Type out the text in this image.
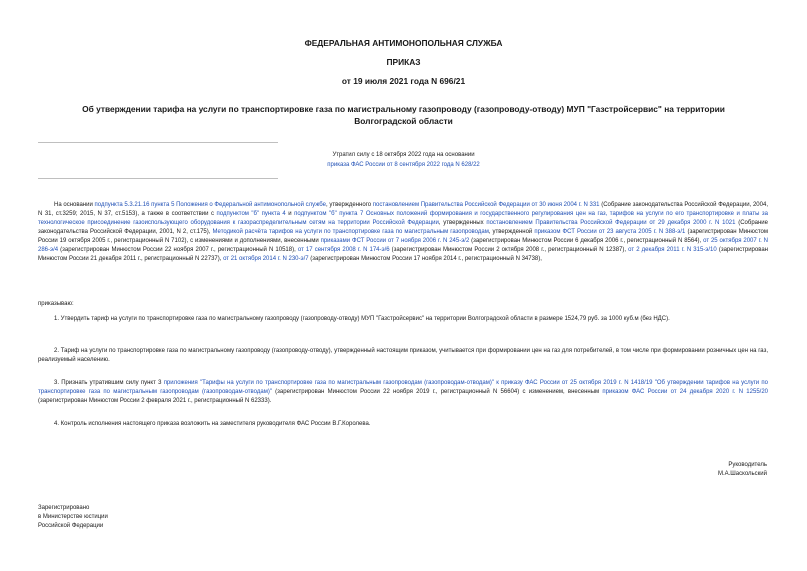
ФЕДЕРАЛЬНАЯ АНТИМОНОПОЛЬНАЯ СЛУЖБА
ПРИКАЗ
от 19 июля 2021 года N 696/21
Об утверждении тарифа на услуги по транспортировке газа по магистральному газопроводу (газопроводу-отводу) МУП "Газстройсервис" на территории Волгоградской области
Утратил силу с 18 октября 2022 года на основании
приказа ФАС России от 8 сентября 2022 года N 628/22

На основании подпункта 5.3.21.16 пункта 5 Положения о Федеральной антимонопольной службе, утвержденного постановлением Правительства Российской Федерации от 30 июня 2004 г. N 331 (Собрание законодательства Российской Федерации, 2004, N 31, ст.3259; 2015, N 37, ст.5153), а также в соответствии с подпунктом "б" пункта 4 и подпунктом "б" пункта 7 Основных положений формирования и государственного регулирования цен на газ, тарифов на услуги по его транспортировке и платы за технологическое присоединение газоиспользующего оборудования к газораспределительным сетям на территории Российской Федерации, утвержденных постановлением Правительства Российской Федерации от 29 декабря 2000 г. N 1021 (Собрание законодательства Российской Федерации, 2001, N 2, ст.175), Методикой расчёта тарифов на услуги по транспортировке газа по магистральным газопроводам, утвержденной приказом ФСТ России от 23 августа 2005 г. N 388-э/1 (зарегистрирован Минюстом России 19 октября 2005 г., регистрационный N 7102), с изменениями и дополнениями, внесенными приказами ФСТ России от 7 ноября 2006 г. N 245-э/2 (зарегистрирован Минюстом России 6 декабря 2006 г., регистрационный N 8564), от 25 октября 2007 г. N 286-э/4 (зарегистрирован Минюстом России 22 ноября 2007 г., регистрационный N 10518), от 17 сентября 2008 г. N 174-э/6 (зарегистрирован Минюстом России 2 октября 2008 г., регистрационный N 12387), от 2 декабря 2011 г. N 315-э/10 (зарегистрирован Минюстом России 21 декабря 2011 г., регистрационный N 22737), от 21 октября 2014 г. N 230-э/7 (зарегистрирован Минюстом России 17 ноября 2014 г., регистрационный N 34738),

приказываю:

1. Утвердить тариф на услуги по транспортировке газа по магистральному газопроводу (газопроводу-отводу) МУП "Газстройсервис" на территории Волгоградской области в размере 1524,79 руб. за 1000 куб.м (без НДС).

2. Тариф на услуги по транспортировке газа по магистральному газопроводу (газопроводу-отводу), утвержденный настоящим приказом, учитывается при формировании цен на газ для потребителей, в том числе при формировании розничных цен на газ, реализуемый населению.

3. Признать утратившим силу пункт 3 приложения "Тарифы на услуги по транспортировке газа по магистральным газопроводам (газопроводам-отводам)" к приказу ФАС России от 25 октября 2019 г. N 1418/19 "Об утверждении тарифов на услуги по транспортировке газа по магистральным газопроводам (газопроводам-отводам)" (зарегистрирован Минюстом России 22 ноября 2019 г., регистрационный N 56604) с изменением, внесенным приказом ФАС России от 24 декабря 2020 г. N 1255/20 (зарегистрирован Минюстом России 2 февраля 2021 г., регистрационный N 62333).

4. Контроль исполнения настоящего приказа возложить на заместителя руководителя ФАС России В.Г.Королева.

Руководитель
М.А.Шаскольский
Зарегистрировано
в Министерстве юстиции
Российской Федерации
